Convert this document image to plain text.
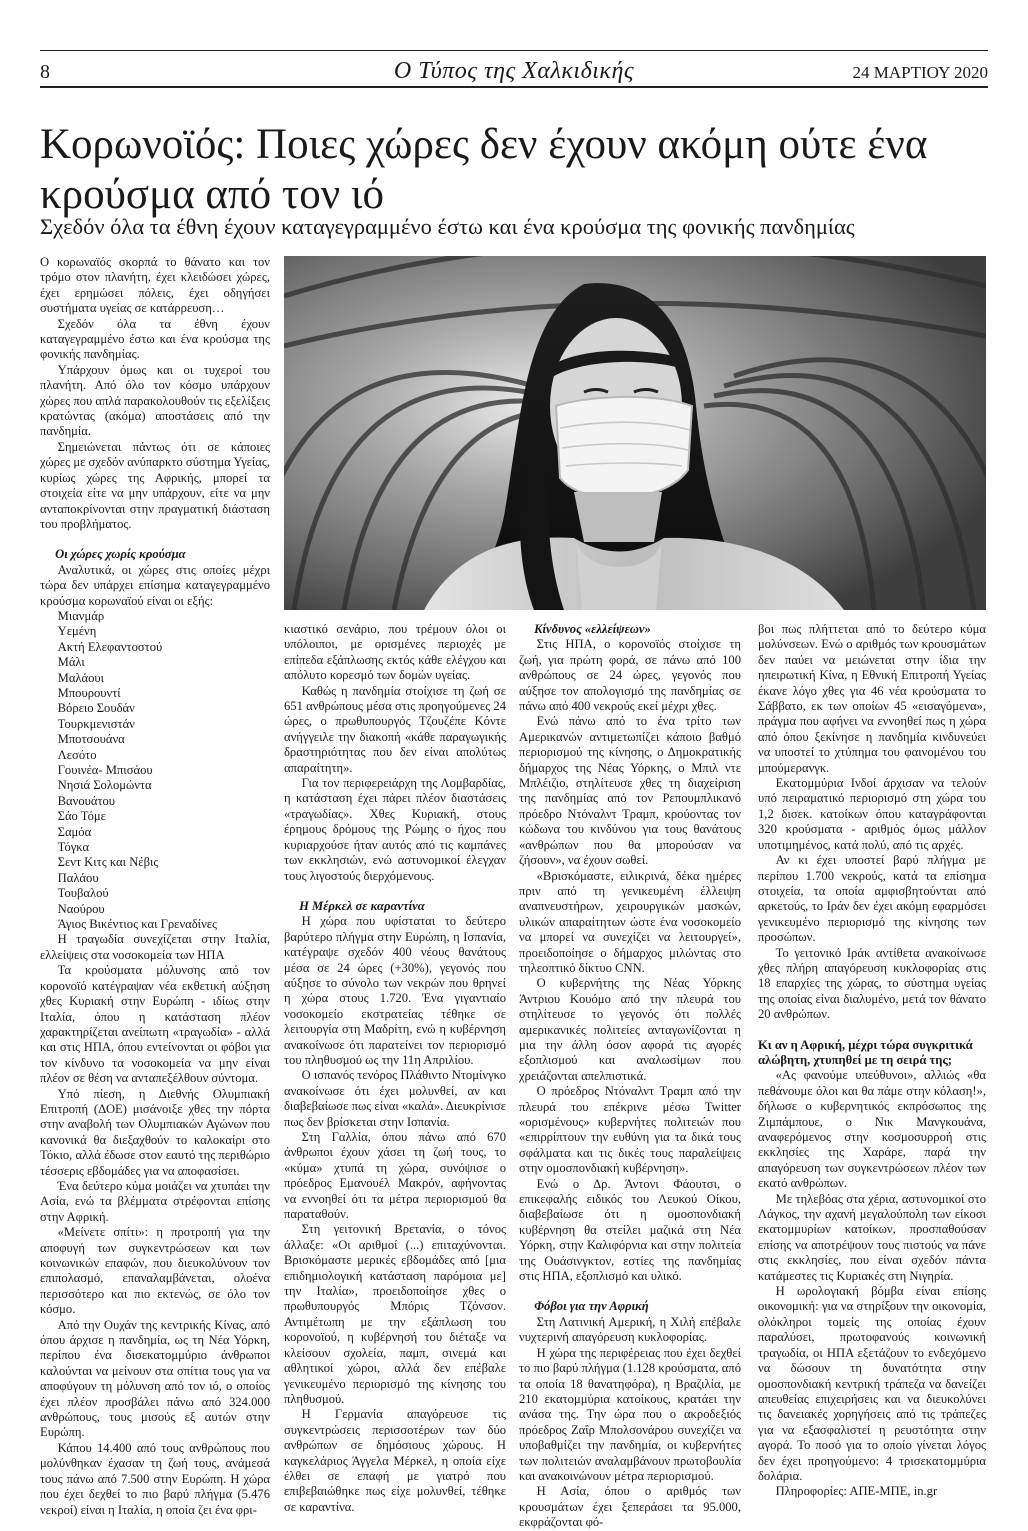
8	Ο Τύπος της Χαλκιδικής	24 ΜΑΡΤΙΟΥ 2020
Κορωνοϊός: Ποιες χώρες δεν έχουν ακόμη ούτε ένα κρούσμα από τον ιό
Σχεδόν όλα τα έθνη έχουν καταγεγραμμένο έστω και ένα κρούσμα της φονικής πανδημίας

Ο κορωναϊός σκορπά το θάνατο και τον τρόμο στον πλανήτη, έχει κλειδώσει χώρες, έχει ερημώσει πόλεις, έχει οδηγήσει συστήματα υγείας σε κατάρρευση…

Σχεδόν όλα τα έθνη έχουν καταγεγραμμένο έστω και ένα κρούσμα της φονικής πανδημίας.

Υπάρχουν όμως και οι τυχεροί του πλανήτη. Από όλο τον κόσμο υπάρχουν χώρες που απλά παρακολουθούν τις εξελίξεις κρατώντας (ακόμα) αποστάσεις από την πανδημία.

Σημειώνεται πάντως ότι σε κάποιες χώρες με σχεδόν ανύπαρκτο σύστημα Υγείας, κυρίως χώρες της Αφρικής, μπορεί τα στοιχεία είτε να μην υπάρχουν, είτε να μην ανταποκρίνονται στην πραγματική διάσταση του προβλήματος.

Οι χώρες χωρίς κρούσμα

Αναλυτικά, οι χώρες στις οποίες μέχρι τώρα δεν υπάρχει επίσημα καταγεγραμμένο κρούσμα κορωναϊού είναι οι εξής:

Μιανμάρ
Υεμένη
Ακτή Ελεφαντοστού
Μάλι
Μαλάουι
Μπουρουντί
Βόρειο Σουδάν
Τουρκμενιστάν
Μποτσουάνα
Λεσότο
Γουινέα- Μπισάου
Νησιά Σολομώντα
Βανουάτου
Σάο Τόμε
Σαμόα
Τόγκα
Σεντ Κιτς και Νέβις
Παλάου
Τουβαλού
Ναούρου
Άγιος Βικέντιος και Γρεναδίνες

Η τραγωδία συνεχίζεται στην Ιταλία, ελλείψεις στα νοσοκομεία των ΗΠΑ

Τα κρούσματα μόλυνσης από τον κορονοϊό κατέγραψαν νέα εκθετική αύξηση χθες Κυριακή στην Ευρώπη - ιδίως στην Ιταλία, όπου η κατάσταση πλέον χαρακτηρίζεται ανείπωτη «τραγωδία» - αλλά και στις ΗΠΑ, όπου εντείνονται οι φόβοι για τον κίνδυνο τα νοσοκομεία να μην είναι πλέον σε θέση να ανταπεξέλθουν σύντομα.

Υπό πίεση, η Διεθνής Ολυμπιακή Επιτροπή (ΔΟΕ) μισάνοιξε χθες την πόρτα στην αναβολή των Ολυμπιακών Αγώνων που κανονικά θα διεξαχθούν το καλοκαίρι στο Τόκιο, αλλά έδωσε στον εαυτό της περιθώριο τέσσερις εβδομάδες για να αποφασίσει.

Ένα δεύτερο κύμα μοιάζει να χτυπάει την Ασία, ενώ τα βλέμματα στρέφονται επίσης στην Αφρική.

«Μείνετε σπίτι»: η προτροπή για την αποφυγή των συγκεντρώσεων και των κοινωνικών επαφών, που διευκολύνουν τον επιπολασμό, επαναλαμβάνεται, ολοένα περισσότερο και πιο εκτενώς, σε όλο τον κόσμο.

Από την Ουχάν της κεντρικής Κίνας, από όπου άρχισε η πανδημία, ως τη Νέα Υόρκη, περίπου ένα δισεκατομμύριο άνθρωποι καλούνται να μείνουν στα σπίτια τους για να αποφύγουν τη μόλυνση από τον ιό, ο οποίος έχει πλέον προσβάλει πάνω από 324.000 ανθρώπους, τους μισούς εξ αυτών στην Ευρώπη.

Κάπου 14.400 από τους ανθρώπους που μολύνθηκαν έχασαν τη ζωή τους, ανάμεσά τους πάνω από 7.500 στην Ευρώπη. Η χώρα που έχει δεχθεί το πιο βαρύ πλήγμα (5.476 νεκροί) είναι η Ιταλία, η οποία ζει ένα φρι-

κιαστικό σενάριο, που τρέμουν όλοι οι υπόλοιποι, με ορισμένες περιοχές με επίπεδα εξάπλωσης εκτός κάθε ελέγχου και απόλυτο κορεσμό των δομών υγείας.

Καθώς η πανδημία στοίχισε τη ζωή σε 651 ανθρώπους μέσα στις προηγούμενες 24 ώρες, ο πρωθυπουργός Τζουζέπε Κόντε ανήγγειλε την διακοπή «κάθε παραγωγικής δραστηριότητας που δεν είναι απολύτως απαραίτητη».

Για τον περιφερειάρχη της Λομβαρδίας, η κατάσταση έχει πάρει πλέον διαστάσεις «τραγωδίας». Χθες Κυριακή, στους έρημους δρόμους της Ρώμης ο ήχος που κυριαρχούσε ήταν αυτός από τις καμπάνες των εκκλησιών, ενώ αστυνομικοί έλεγχαν τους λιγοστούς διερχόμενους.

Η Μέρκελ σε καραντίνα

Η χώρα που υφίσταται το δεύτερο βαρύτερο πλήγμα στην Ευρώπη, η Ισπανία, κατέγραψε σχεδόν 400 νέους θανάτους μέσα σε 24 ώρες (+30%), γεγονός που αύξησε το σύνολο των νεκρών που θρηνεί η χώρα στους 1.720. Ένα γιγαντιαίο νοσοκομείο εκστρατείας τέθηκε σε λειτουργία στη Μαδρίτη, ενώ η κυβέρνηση ανακοίνωσε ότι παρατείνει τον περιορισμό του πληθυσμού ως την 11η Απριλίου.

Ο ισπανός τενόρος Πλάθιντο Ντομίνγκο ανακοίνωσε ότι έχει μολυνθεί, αν και διαβεβαίωσε πως είναι «καλά». Διευκρίνισε πως δεν βρίσκεται στην Ισπανία.

Στη Γαλλία, όπου πάνω από 670 άνθρωποι έχουν χάσει τη ζωή τους, το «κύμα» χτυπά τη χώρα, συνόψισε ο πρόεδρος Εμανουέλ Μακρόν, αφήνοντας να εννοηθεί ότι τα μέτρα περιορισμού θα παραταθούν.

Στη γειτονική Βρετανία, ο τόνος άλλαξε: «Οι αριθμοί (...) επιταχύνονται. Βρισκόμαστε μερικές εβδομάδες από [μια επιδημιολογική κατάσταση παρόμοια με] την Ιταλία», προειδοποίησε χθες ο πρωθυπουργός Μπόρις Τζόνσον. Αντιμέτωπη με την εξάπλωση του κορονοϊού, η κυβέρνησή του διέταξε να κλείσουν σχολεία, παμπ, σινεμά και αθλητικοί χώροι, αλλά δεν επέβαλε γενικευμένο περιορισμό της κίνησης του πληθυσμού.

Η Γερμανία απαγόρευσε τις συγκεντρώσεις περισσοτέρων των δύο ανθρώπων σε δημόσιους χώρους. Η καγκελάριος Άγγελα Μέρκελ, η οποία είχε έλθει σε επαφή με γιατρό που επιβεβαιώθηκε πως είχε μολυνθεί, τέθηκε σε καραντίνα.

Κίνδυνος «ελλείψεων»

Στις ΗΠΑ, ο κορονοϊός στοίχισε τη ζωή, για πρώτη φορά, σε πάνω από 100 ανθρώπους σε 24 ώρες, γεγονός που αύξησε τον απολογισμό της πανδημίας σε πάνω από 400 νεκρούς εκεί μέχρι χθες.

Ενώ πάνω από το ένα τρίτο των Αμερικανών αντιμετωπίζει κάποιο βαθμό περιορισμού της κίνησης, ο Δημοκρατικής δήμαρχος της Νέας Υόρκης, ο Μπιλ ντε Μπλέιζιο, στηλίτευσε χθες τη διαχείριση της πανδημίας από τον Ρεπουμπλικανό πρόεδρο Ντόναλντ Τραμπ, κρούοντας τον κώδωνα του κινδύνου για τους θανάτους «ανθρώπων που θα μπορούσαν να ζήσουν», να έχουν σωθεί.

«Βρισκόμαστε, ειλικρινά, δέκα ημέρες πριν από τη γενικευμένη έλλειψη αναπνευστήρων, χειρουργικών μασκών, υλικών απαραίτητων ώστε ένα νοσοκομείο να μπορεί να συνεχίζει να λειτουργεί», προειδοποίησε ο δήμαρχος μιλώντας στο τηλεοπτικό δίκτυο CNN.

Ο κυβερνήτης της Νέας Υόρκης Άντριου Κουόμο από την πλευρά του στηλίτευσε το γεγονός ότι πολλές αμερικανικές πολιτείες ανταγωνίζονται η μια την άλλη όσον αφορά τις αγορές εξοπλισμού και αναλωσίμων που χρειάζονται απελπιστικά.

Ο πρόεδρος Ντόναλντ Τραμπ από την πλευρά του επέκρινε μέσω Twitter «ορισμένους» κυβερνήτες πολιτειών που «επιρρίπτουν την ευθύνη για τα δικά τους σφάλματα και τις δικές τους παραλείψεις στην ομοσπονδιακή κυβέρνηση».

Ενώ ο Δρ. Άντονι Φάουτσι, ο επικεφαλής ειδικός του Λευκού Οίκου, διαβεβαίωσε ότι η ομοσπονδιακή κυβέρνηση θα στείλει μαζικά στη Νέα Υόρκη, στην Καλιφόρνια και στην πολιτεία της Ουάσινγκτον, εστίες της πανδημίας στις ΗΠΑ, εξοπλισμό και υλικό.

Φόβοι για την Αφρική

Στη Λατινική Αμερική, η Χιλή επέβαλε νυχτερινή απαγόρευση κυκλοφορίας.

Η χώρα της περιφέρειας που έχει δεχθεί το πιο βαρύ πλήγμα (1.128 κρούσματα, από τα οποία 18 θανατηφόρα), η Βραζιλία, με 210 εκατομμύρια κατοίκους, κρατάει την ανάσα της. Την ώρα που ο ακροδεξιός πρόεδρος Ζαΐρ Μπολσονάρου συνεχίζει να υποβαθμίζει την πανδημία, οι κυβερνήτες των πολιτειών αναλαμβάνουν πρωτοβουλία και ανακοινώνουν μέτρα περιορισμού.

Η Ασία, όπου ο αριθμός των κρουσμάτων έχει ξεπεράσει τα 95.000, εκφράζονται φό-

βοι πως πλήττεται από το δεύτερο κύμα μολύνσεων. Ενώ ο αριθμός των κρουσμάτων δεν παύει να μειώνεται στην ίδια την ηπειρωτική Κίνα, η Εθνική Επιτροπή Υγείας έκανε λόγο χθες για 46 νέα κρούσματα το Σάββατο, εκ των οποίων 45 «εισαγόμενα», πράγμα που αφήνει να εννοηθεί πως η χώρα από όπου ξεκίνησε η πανδημία κινδυνεύει να υποστεί το χτύπημα του φαινομένου του μπούμερανγκ.

Εκατομμύρια Ινδοί άρχισαν να τελούν υπό πειραματικό περιορισμό στη χώρα του 1,2 δισεκ. κατοίκων όπου καταγράφονται 320 κρούσματα - αριθμός όμως μάλλον υποτιμημένος, κατά πολύ, από τις αρχές.

Αν κι έχει υποστεί βαρύ πλήγμα με περίπου 1.700 νεκρούς, κατά τα επίσημα στοιχεία, τα οποία αμφισβητούνται από αρκετούς, το Ιράν δεν έχει ακόμη εφαρμόσει γενικευμένο περιορισμό της κίνησης των προσώπων.

Το γειτονικό Ιράκ αντίθετα ανακοίνωσε χθες πλήρη απαγόρευση κυκλοφορίας στις 18 επαρχίες της χώρας, το σύστημα υγείας της οποίας είναι διαλυμένο, μετά τον θάνατο 20 ανθρώπων.

Κι αν η Αφρική, μέχρι τώρα συγκριτικά αλώβητη, χτυπηθεί με τη σειρά της;

«Ας φανούμε υπεύθυνοι», αλλιώς «θα πεθάνουμε όλοι και θα πάμε στην κόλαση!», δήλωσε ο κυβερνητικός εκπρόσωπος της Ζιμπάμπουε, ο Νικ Μανγκουάνα, αναφερόμενος στην κοσμοσυρροή στις εκκλησίες της Χαράρε, παρά την απαγόρευση των συγκεντρώσεων πλέον των εκατό ανθρώπων.

Με τηλεβόας στα χέρια, αστυνομικοί στο Λάγκος, την αχανή μεγαλούπολη των είκοσι εκατομμυρίων κατοίκων, προσπαθούσαν επίσης να αποτρέψουν τους πιστούς να πάνε στις εκκλησίες, που είναι σχεδόν πάντα κατάμεστες τις Κυριακές στη Νιγηρία.

Η ωρολογιακή βόμβα είναι επίσης οικονομική: για να στηρίξουν την οικονομία, ολόκληροι τομείς της οποίας έχουν παραλύσει, πρωτοφανούς κοινωνική τραγωδία, οι ΗΠΑ εξετάζουν το ενδεχόμενο να δώσουν τη δυνατότητα στην ομοσπονδιακή κεντρική τράπεζα να δανείζει απευθείας επιχειρήσεις και να διευκολύνει τις δανειακές χορηγήσεις από τις τράπεζες για να εξασφαλιστεί η ρευστότητα στην αγορά. Το ποσό για το οποίο γίνεται λόγος δεν έχει προηγούμενο: 4 τρισεκατομμύρια δολάρια.

Πληροφορίες: ΑΠΕ-ΜΠΕ, in.gr
